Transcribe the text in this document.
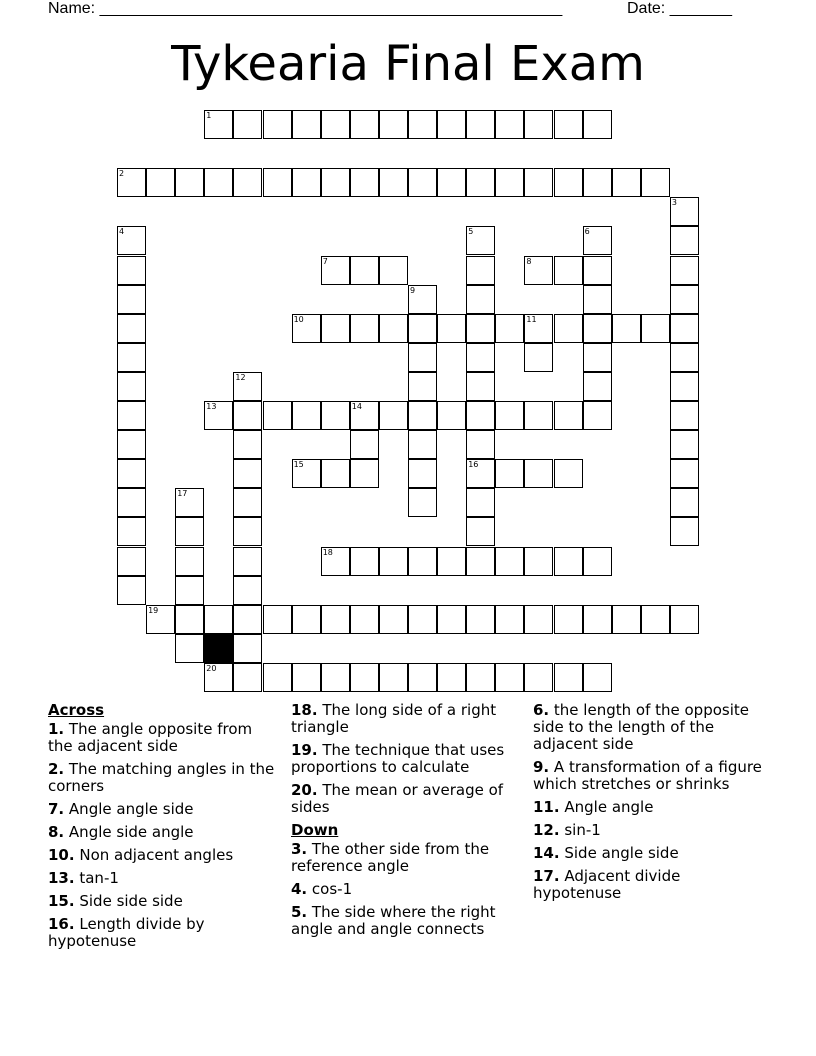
Name: ____________________________________________________	Date: _______
Tykearia Final Exam
1
2
3
4	5	6
7	8
9
10	11
12
13	14
15	16
17
18
19
20
Across
1. The angle opposite from the adjacent side
2. The matching angles in the corners
7. Angle angle side
8. Angle side angle
10. Non adjacent angles
13. tan-1
15. Side side side
16. Length divide by hypotenuse
18. The long side of a right triangle
19. The technique that uses proportions to calculate
20. The mean or average of sides
Down
3. The other side from the reference angle
4. cos-1
5. The side where the right angle and angle connects
6. the length of the opposite side to the length of the adjacent side
9. A transformation of a figure which stretches or shrinks
11. Angle angle
12. sin-1
14. Side angle side
17. Adjacent divide hypotenuse
